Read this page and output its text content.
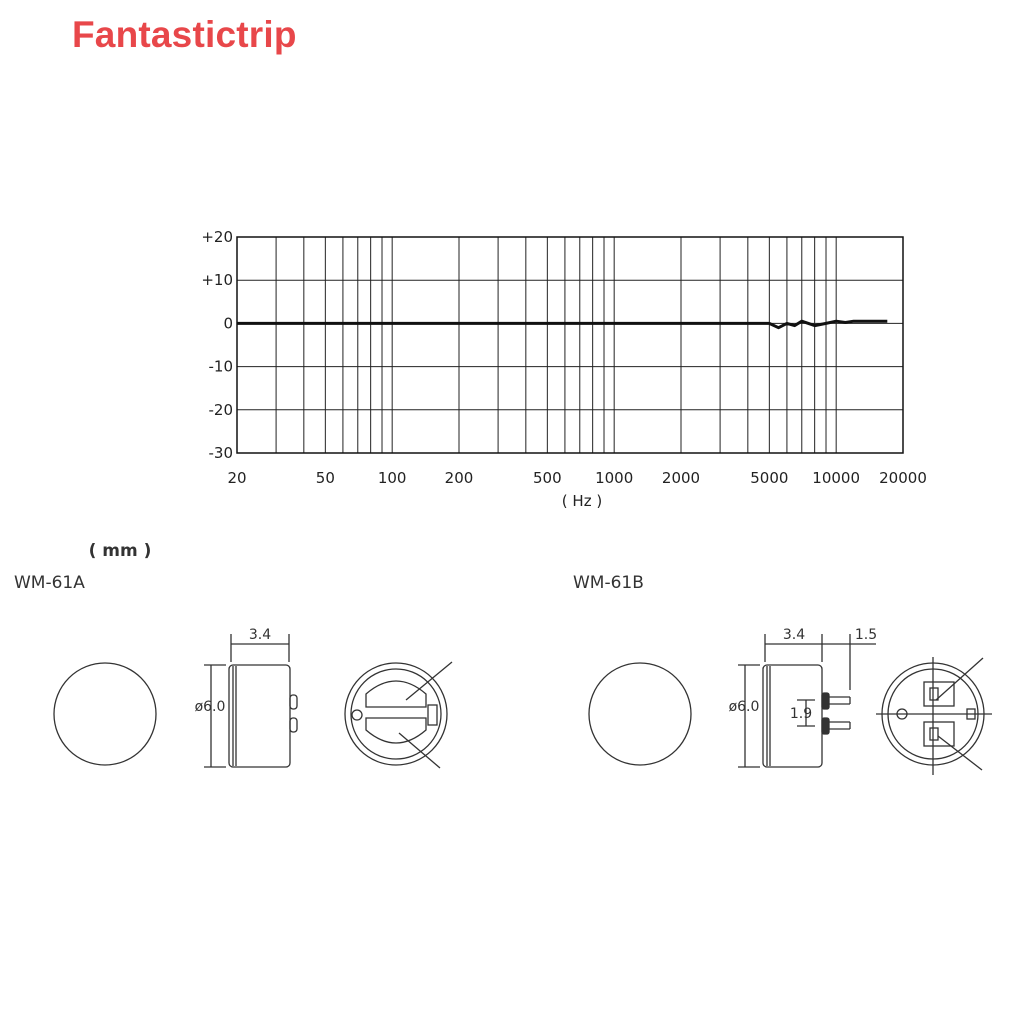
Fantastictrip
+20
+10
0
-10
-20
-30
20	50	100	200	500 1000 2000	5000 10000 20000
( Hz )
( mm )
WM-61A	WM-61B
3.4
ø6.0
3.4	1.5
ø6.0 1.9
